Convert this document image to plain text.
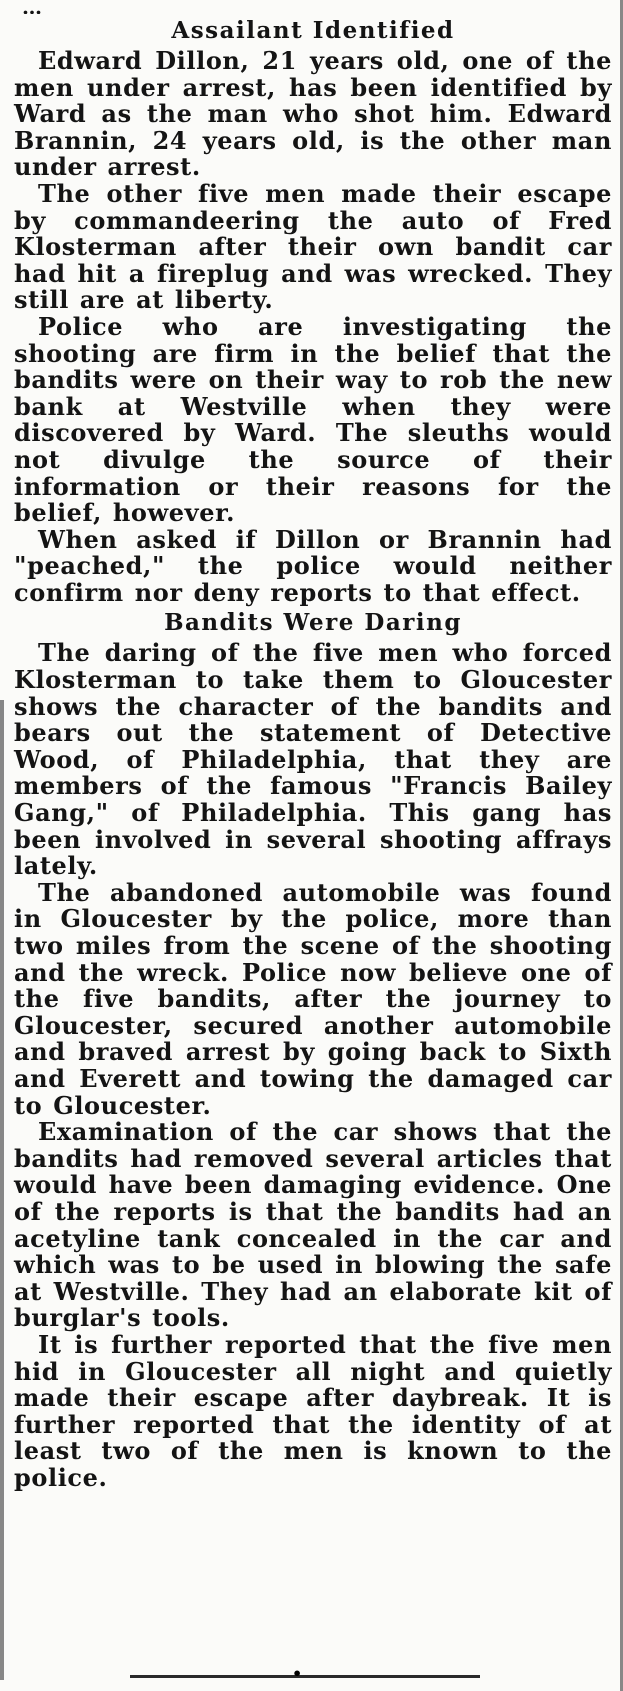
…
Assailant Identified

Edward Dillon, 21 years old, one of the men under arrest, has been identified by Ward as the man who shot him. Edward Brannin, 24 years old, is the other man under arrest.

The other five men made their escape by commandeering the auto of Fred Klosterman after their own bandit car had hit a fireplug and was wrecked. They still are at liberty.

Police who are investigating the shooting are firm in the belief that the bandits were on their way to rob the new bank at Westville when they were discovered by Ward. The sleuths would not divulge the source of their information or their reasons for the belief, however.

When asked if Dillon or Brannin had "peached," the police would neither confirm nor deny reports to that effect.

Bandits Were Daring

The daring of the five men who forced Klosterman to take them to Gloucester shows the character of the bandits and bears out the statement of Detective Wood, of Philadelphia, that they are members of the famous "Francis Bailey Gang," of Philadelphia. This gang has been involved in several shooting affrays lately.

The abandoned automobile was found in Gloucester by the police, more than two miles from the scene of the shooting and the wreck. Police now believe one of the five bandits, after the journey to Gloucester, secured another automobile and braved arrest by going back to Sixth and Everett and towing the damaged car to Gloucester.

Examination of the car shows that the bandits had removed several articles that would have been damaging evidence. One of the reports is that the bandits had an acetyline tank concealed in the car and which was to be used in blowing the safe at Westville. They had an elaborate kit of burglar's tools.

It is further reported that the five men hid in Gloucester all night and quietly made their escape after daybreak. It is further reported that the identity of at least two of the men is known to the police.

•
